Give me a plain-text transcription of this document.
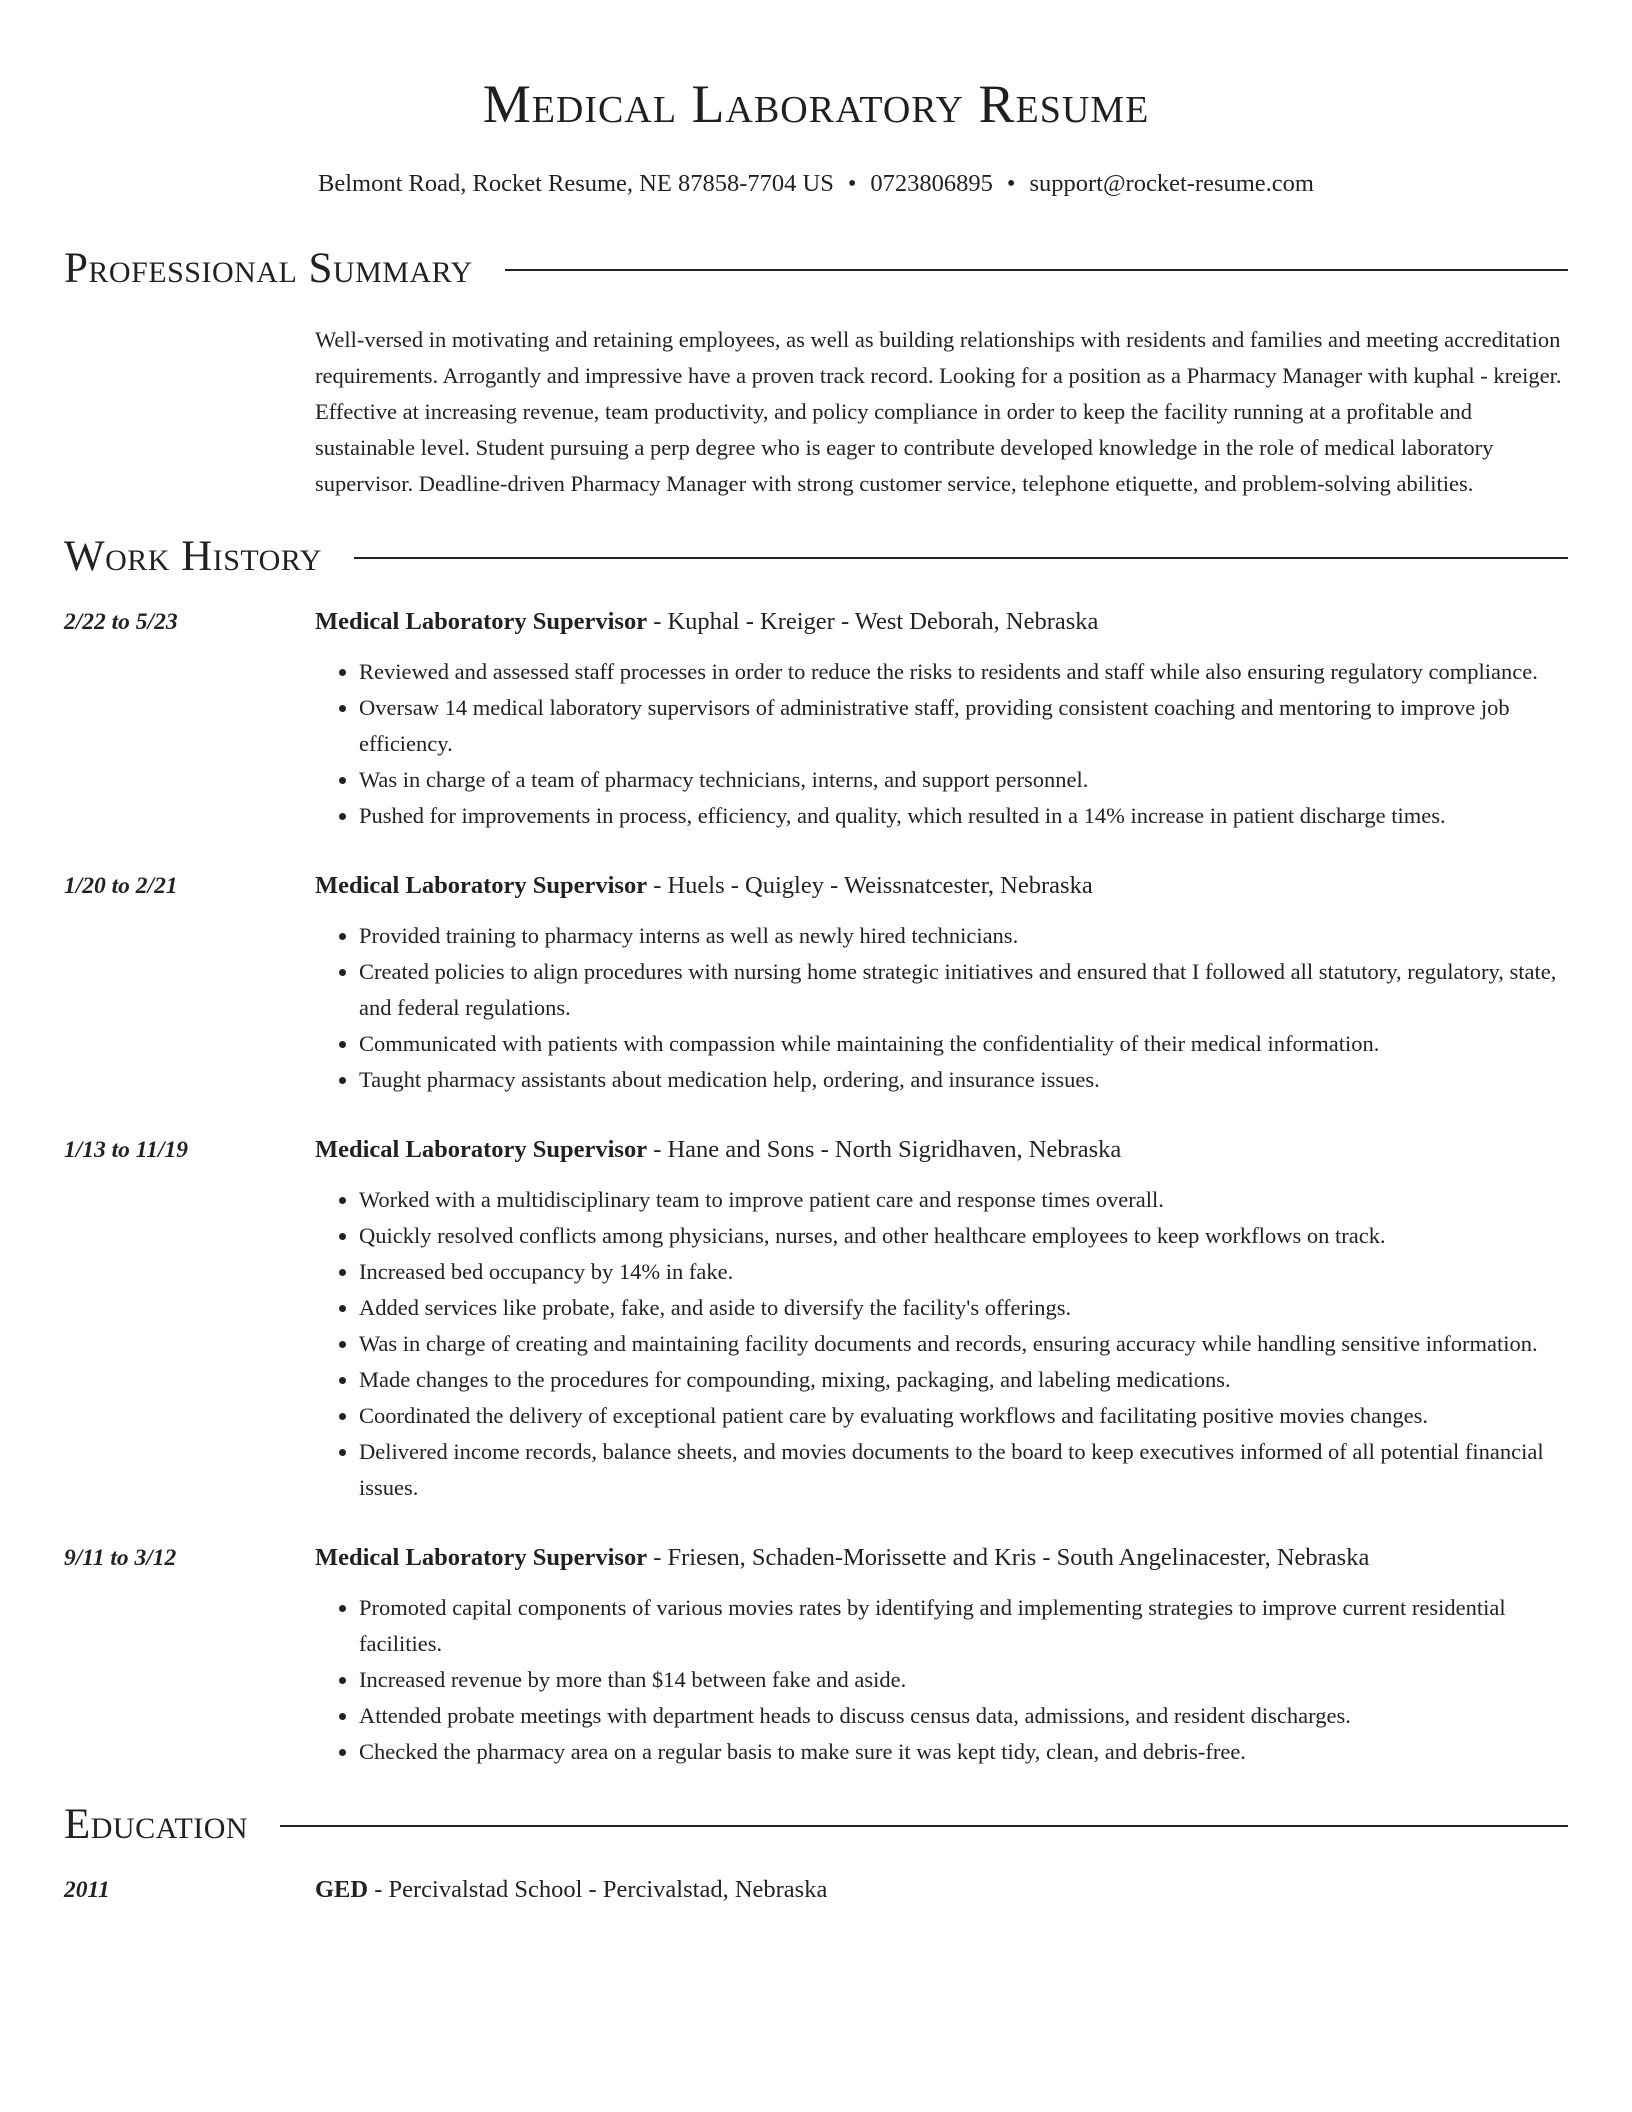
Medical Laboratory Resume
Belmont Road, Rocket Resume, NE 87858-7704 US • 0723806895 • support@rocket-resume.com
Professional Summary
Well-versed in motivating and retaining employees, as well as building relationships with residents and families and meeting accreditation requirements. Arrogantly and impressive have a proven track record. Looking for a position as a Pharmacy Manager with kuphal - kreiger. Effective at increasing revenue, team productivity, and policy compliance in order to keep the facility running at a profitable and sustainable level. Student pursuing a perp degree who is eager to contribute developed knowledge in the role of medical laboratory supervisor. Deadline-driven Pharmacy Manager with strong customer service, telephone etiquette, and problem-solving abilities.
Work History
2/22 to 5/23	Medical Laboratory Supervisor - Kuphal - Kreiger - West Deborah, Nebraska
• Reviewed and assessed staff processes in order to reduce the risks to residents and staff while also ensuring regulatory compliance.
• Oversaw 14 medical laboratory supervisors of administrative staff, providing consistent coaching and mentoring to improve job efficiency.
• Was in charge of a team of pharmacy technicians, interns, and support personnel.
• Pushed for improvements in process, efficiency, and quality, which resulted in a 14% increase in patient discharge times.
1/20 to 2/21	Medical Laboratory Supervisor - Huels - Quigley - Weissnatcester, Nebraska
• Provided training to pharmacy interns as well as newly hired technicians.
• Created policies to align procedures with nursing home strategic initiatives and ensured that I followed all statutory, regulatory, state, and federal regulations.
• Communicated with patients with compassion while maintaining the confidentiality of their medical information.
• Taught pharmacy assistants about medication help, ordering, and insurance issues.
1/13 to 11/19	Medical Laboratory Supervisor - Hane and Sons - North Sigridhaven, Nebraska
• Worked with a multidisciplinary team to improve patient care and response times overall.
• Quickly resolved conflicts among physicians, nurses, and other healthcare employees to keep workflows on track.
• Increased bed occupancy by 14% in fake.
• Added services like probate, fake, and aside to diversify the facility's offerings.
• Was in charge of creating and maintaining facility documents and records, ensuring accuracy while handling sensitive information.
• Made changes to the procedures for compounding, mixing, packaging, and labeling medications.
• Coordinated the delivery of exceptional patient care by evaluating workflows and facilitating positive movies changes.
• Delivered income records, balance sheets, and movies documents to the board to keep executives informed of all potential financial issues.
9/11 to 3/12	Medical Laboratory Supervisor - Friesen, Schaden-Morissette and Kris - South Angelinacester, Nebraska
• Promoted capital components of various movies rates by identifying and implementing strategies to improve current residential facilities.
• Increased revenue by more than $14 between fake and aside.
• Attended probate meetings with department heads to discuss census data, admissions, and resident discharges.
• Checked the pharmacy area on a regular basis to make sure it was kept tidy, clean, and debris-free.
Education
2011	GED - Percivalstad School - Percivalstad, Nebraska
